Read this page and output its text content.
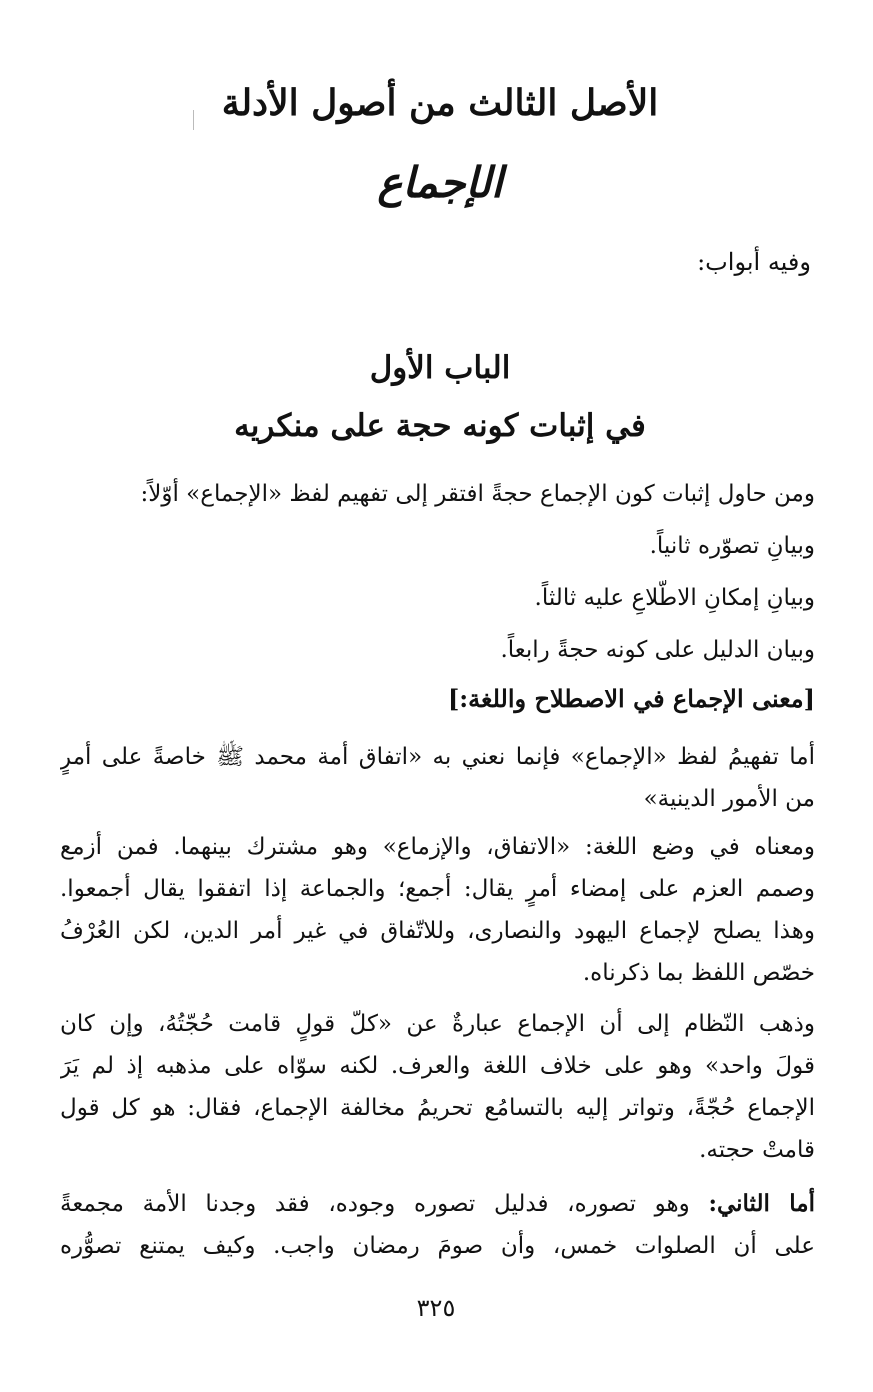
الأصل الثالث من أصول الأدلة
الإجماع

وفيه أبواب:

الباب الأول
في إثبات كونه حجة على منكريه
ومن حاول إثبات كون الإجماع حجةً افتقر إلى تفهيم لفظ «الإجماع» أوّلاً:
وبيانِ تصوّره ثانياً.
وبيانِ إمكانِ الاطّلاعِ عليه ثالثاً.
وبيان الدليل على كونه حجةً رابعاً.
[معنى الإجماع في الاصطلاح واللغة:]
أما تفهيمُ لفظ «الإجماع» فإنما نعني به «اتفاق أمة محمد ﷺ خاصةً على أمرٍ
من الأمور الدينية»
ومعناه في وضع اللغة: «الاتفاق، والإزماع» وهو مشترك بينهما. فمن أزمع
وصمم العزم على إمضاء أمرٍ يقال: أجمع؛ والجماعة إذا اتفقوا يقال أجمعوا.
وهذا يصلح لإجماع اليهود والنصارى، وللاتّفاق في غير أمر الدين، لكن العُرْفُ
خصّص اللفظ بما ذكرناه.
وذهب النّظام إلى أن الإجماع عبارةٌ عن «كلّ قولٍ قامت حُجّتُهُ، وإن كان
قولَ واحد» وهو على خلاف اللغة والعرف. لكنه سوّاه على مذهبه إذ لم يَرَ
الإجماع حُجّةً، وتواتر إليه بالتسامُع تحريمُ مخالفة الإجماع، فقال: هو كل قول
قامتْ حجته.
أما الثاني: وهو تصوره، فدليل تصوره وجوده، فقد وجدنا الأمة مجمعةً
على أن الصلوات خمس، وأن صومَ رمضان واجب. وكيف يمتنع تصوُّره

٣٢٥
